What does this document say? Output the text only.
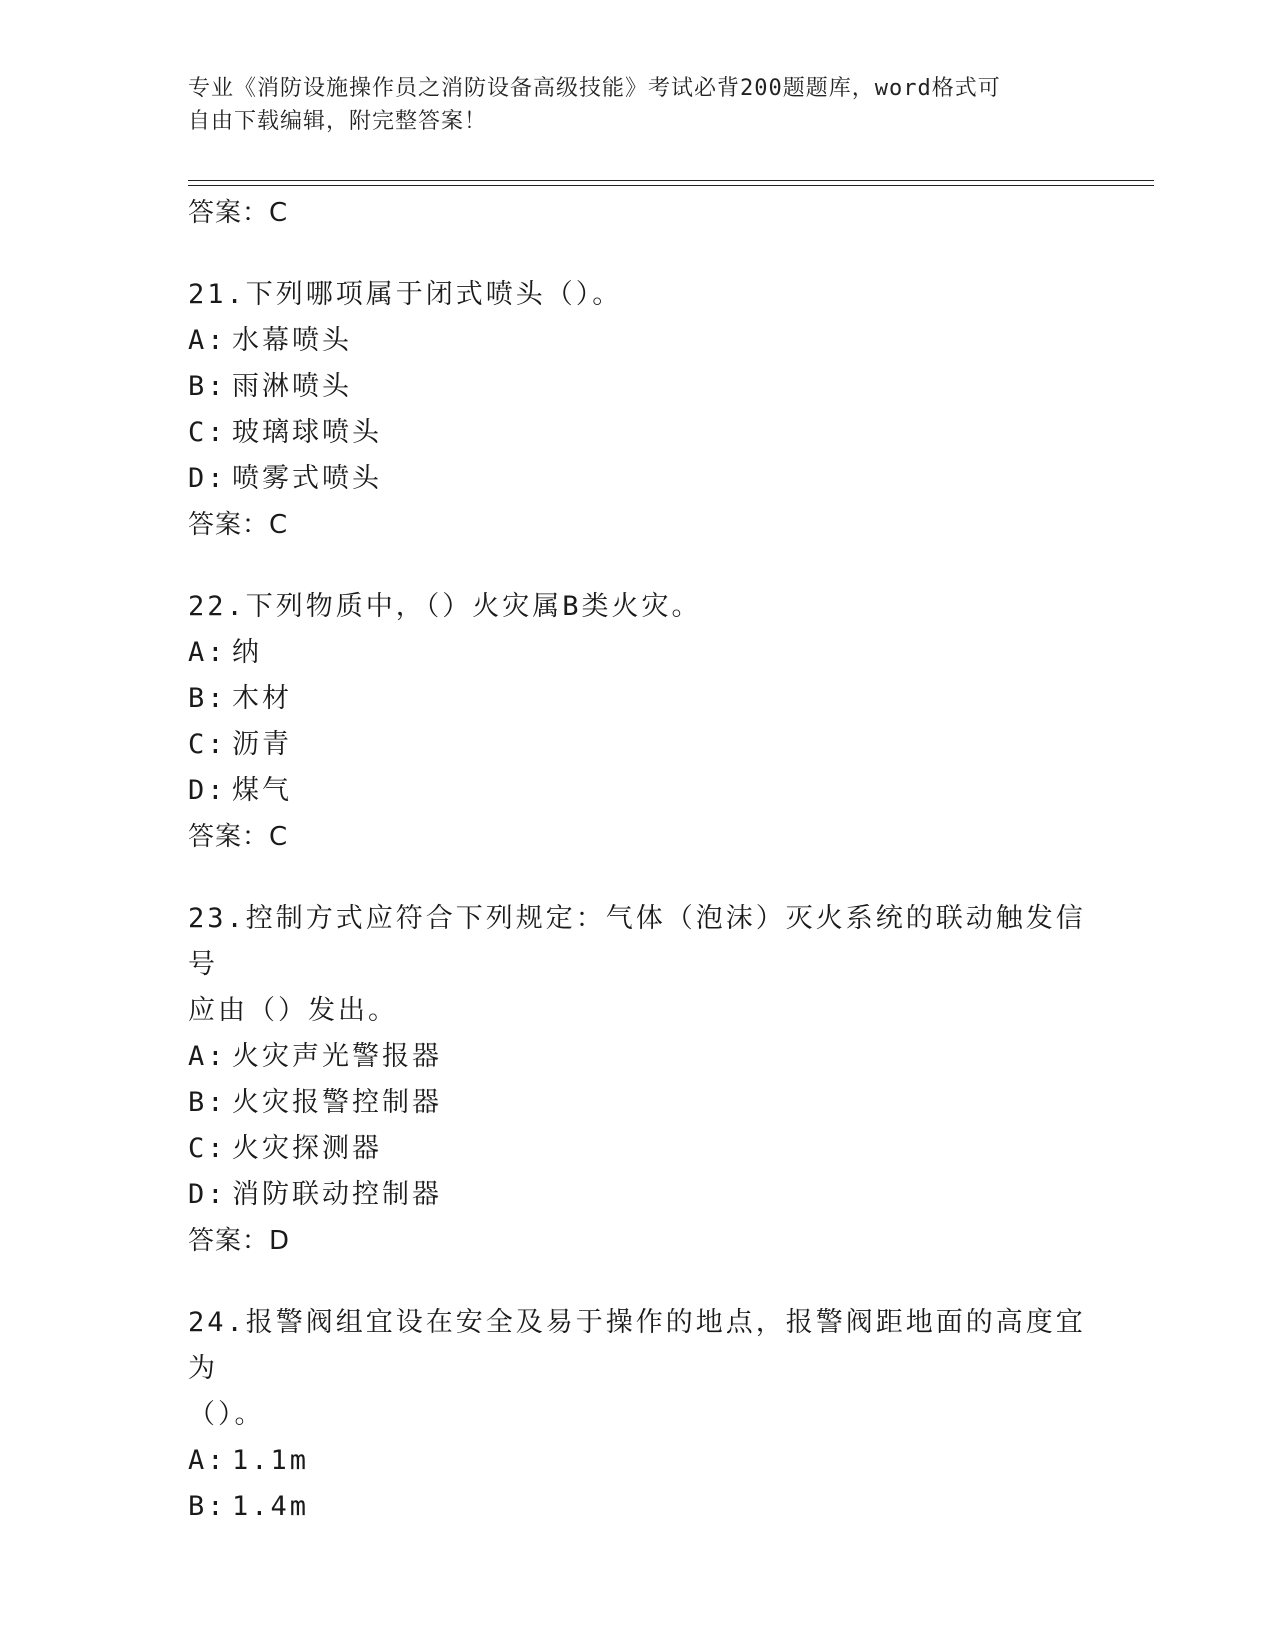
专业《消防设施操作员之消防设备高级技能》考试必背200题题库，word格式可
自由下载编辑，附完整答案！
答案：C
21.下列哪项属于闭式喷头（）。
A: 水幕喷头
B: 雨淋喷头
C: 玻璃球喷头
D: 喷雾式喷头
答案：C
22.下列物质中，（）火灾属B类火灾。
A: 纳
B: 木材
C: 沥青
D: 煤气
答案：C
23.控制方式应符合下列规定：气体（泡沫）灭火系统的联动触发信号
应由（）发出。
A: 火灾声光警报器
B: 火灾报警控制器
C: 火灾探测器
D: 消防联动控制器
答案：D
24.报警阀组宜设在安全及易于操作的地点，报警阀距地面的高度宜为
（）。
A: 1.1m
B: 1.4m
